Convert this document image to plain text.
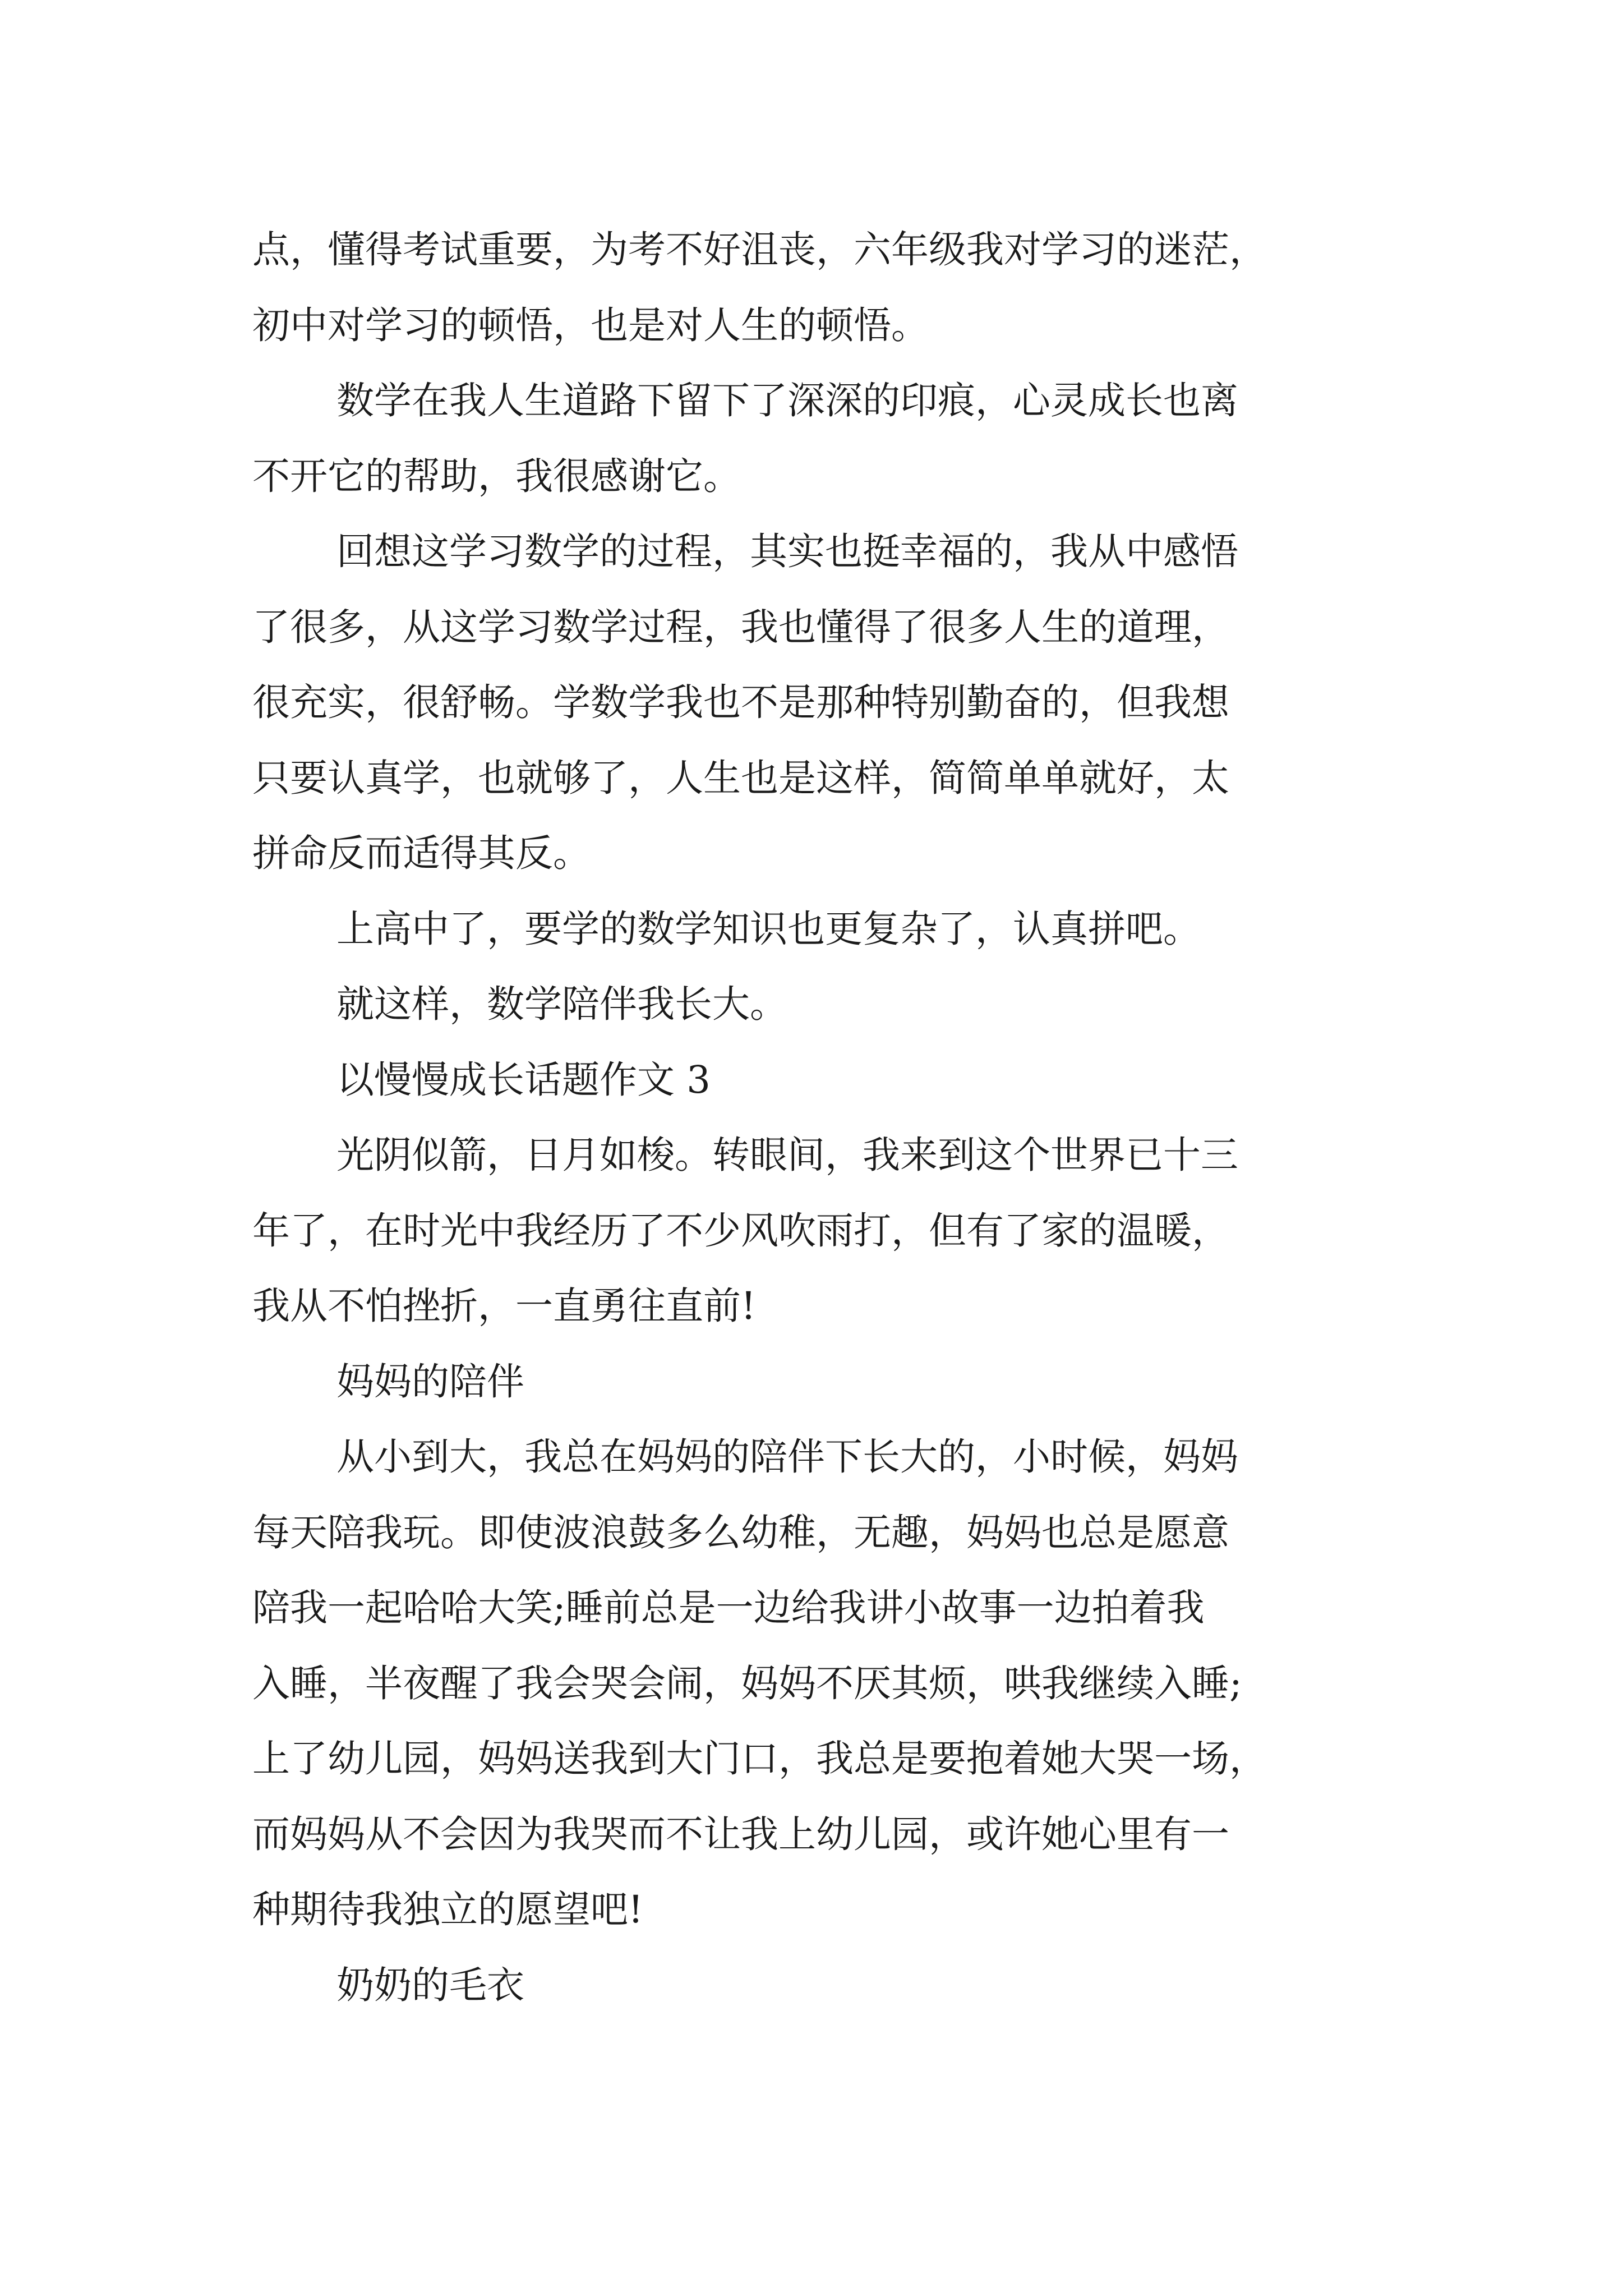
点，懂得考试重要，为考不好沮丧，六年级我对学习的迷茫，

初中对学习的顿悟，也是对人生的顿悟。

数学在我人生道路下留下了深深的印痕，心灵成长也离

不开它的帮助，我很感谢它。

回想这学习数学的过程，其实也挺幸福的，我从中感悟

了很多，从这学习数学过程，我也懂得了很多人生的道理，

很充实，很舒畅。学数学我也不是那种特别勤奋的，但我想

只要认真学，也就够了，人生也是这样，简简单单就好，太

拼命反而适得其反。

上高中了，要学的数学知识也更复杂了，认真拼吧。

就这样，数学陪伴我长大。

以慢慢成长话题作文 3

光阴似箭，日月如梭。转眼间，我来到这个世界已十三

年了，在时光中我经历了不少风吹雨打，但有了家的温暖，

我从不怕挫折，一直勇往直前!

妈妈的陪伴

从小到大，我总在妈妈的陪伴下长大的，小时候，妈妈

每天陪我玩。即使波浪鼓多么幼稚，无趣，妈妈也总是愿意

陪我一起哈哈大笑;睡前总是一边给我讲小故事一边拍着我

入睡，半夜醒了我会哭会闹，妈妈不厌其烦，哄我继续入睡;

上了幼儿园，妈妈送我到大门口，我总是要抱着她大哭一场，

而妈妈从不会因为我哭而不让我上幼儿园，或许她心里有一

种期待我独立的愿望吧!

奶奶的毛衣
